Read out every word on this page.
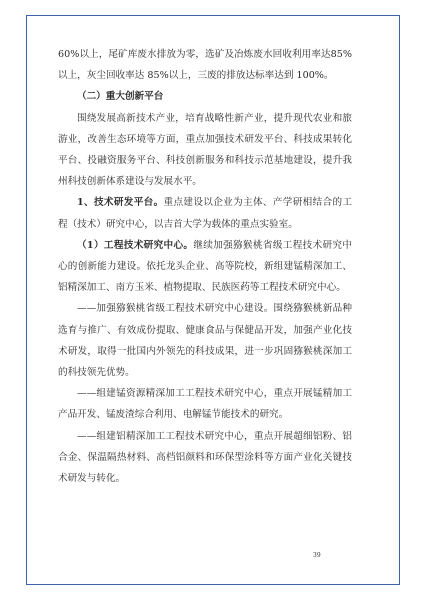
60%以上，尾矿库废水排放为零，选矿及冶炼废水回收利用率达85%以上，灰尘回收率达 85%以上，三废的排放达标率达到 100%。

（二）重大创新平台

围绕发展高新技术产业，培育战略性新产业，提升现代农业和旅游业，改善生态环境等方面，重点加强技术研发平台、科技成果转化平台、投融资服务平台、科技创新服务和科技示范基地建设，提升我州科技创新体系建设与发展水平。

1、技术研发平台。重点建设以企业为主体、产学研相结合的工程（技术）研究中心，以吉首大学为载体的重点实验室。

（1）工程技术研究中心。继续加强猕猴桃省级工程技术研究中心的创新能力建设。依托龙头企业、高等院校，新组建锰精深加工、铝精深加工、南方玉米、植物提取、民族医药等工程技术研究中心。

——加强猕猴桃省级工程技术研究中心建设。围绕猕猴桃新品种选育与推广、有效成份提取、健康食品与保健品开发，加强产业化技术研发，取得一批国内外领先的科技成果，进一步巩固猕猴桃深加工的科技领先优势。

——组建锰资源精深加工工程技术研究中心，重点开展锰精加工产品开发、锰废渣综合利用、电解锰节能技术的研究。

——组建铝精深加工工程技术研究中心，重点开展超细铝粉、铝合金、保温隔热材料、高档铝颜料和环保型涂料等方面产业化关键技术研发与转化。

39
